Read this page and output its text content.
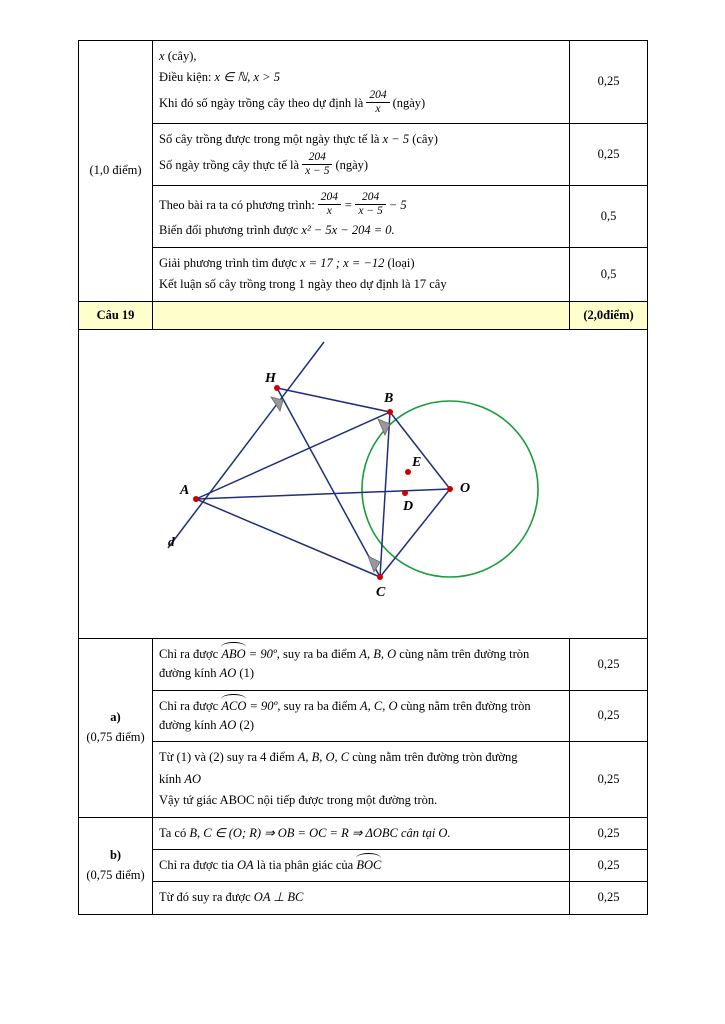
(1,0 điểm)	
x (cây),
Điều kiện: x ∈ ℕ, x > 5
Khi đó số ngày trồng cây theo dự định là $\frac{204}{x}$ (ngày)
	0,25

	Số cây trồng được trong một ngày thực tế là x − 5 (cây)
Số ngày trồng cây thực tế là $\frac{204}{x - 5}$ (ngày)	0,25

Theo bài ra ta có phương trình: $\frac{204}{x} = \frac{204}{x - 5} - 5$
Biến đổi phương trình được x² − 5x − 204 = 0.
	0,5

	Giải phương trình tìm được x = 17 ; x = −12 (loại)
Kết luận số cây trồng trong 1 ngày theo dự định là 17 cây	0,5
Câu 19		(2,0điểm)

H
B
E
O
A
D
C
d

a)
(0,75 điểm)	Chỉ ra được ABO = 90º, suy ra ba điểm A, B, O cùng nằm trên đường tròn đường kính AO (1)	0,25

	Chỉ ra được ACO = 90º, suy ra ba điểm A, C, O cùng nằm trên đường tròn đường kính AO (2)	0,25

	Từ (1) và (2) suy ra 4 điểm A, B, O, C cùng nằm trên đường tròn đường
kính AO
Vậy tứ giác ABOC nội tiếp được trong một đường tròn.	0,25

b)
(0,75 điểm)	Ta có B, C ∈ (O; R) ⇒ OB = OC = R ⇒ ΔOBC cân tại O.	0,25

	Chỉ ra được tia OA là tia phân giác của BOC	0,25

	Từ đó suy ra được OA ⊥ BC	0,25
